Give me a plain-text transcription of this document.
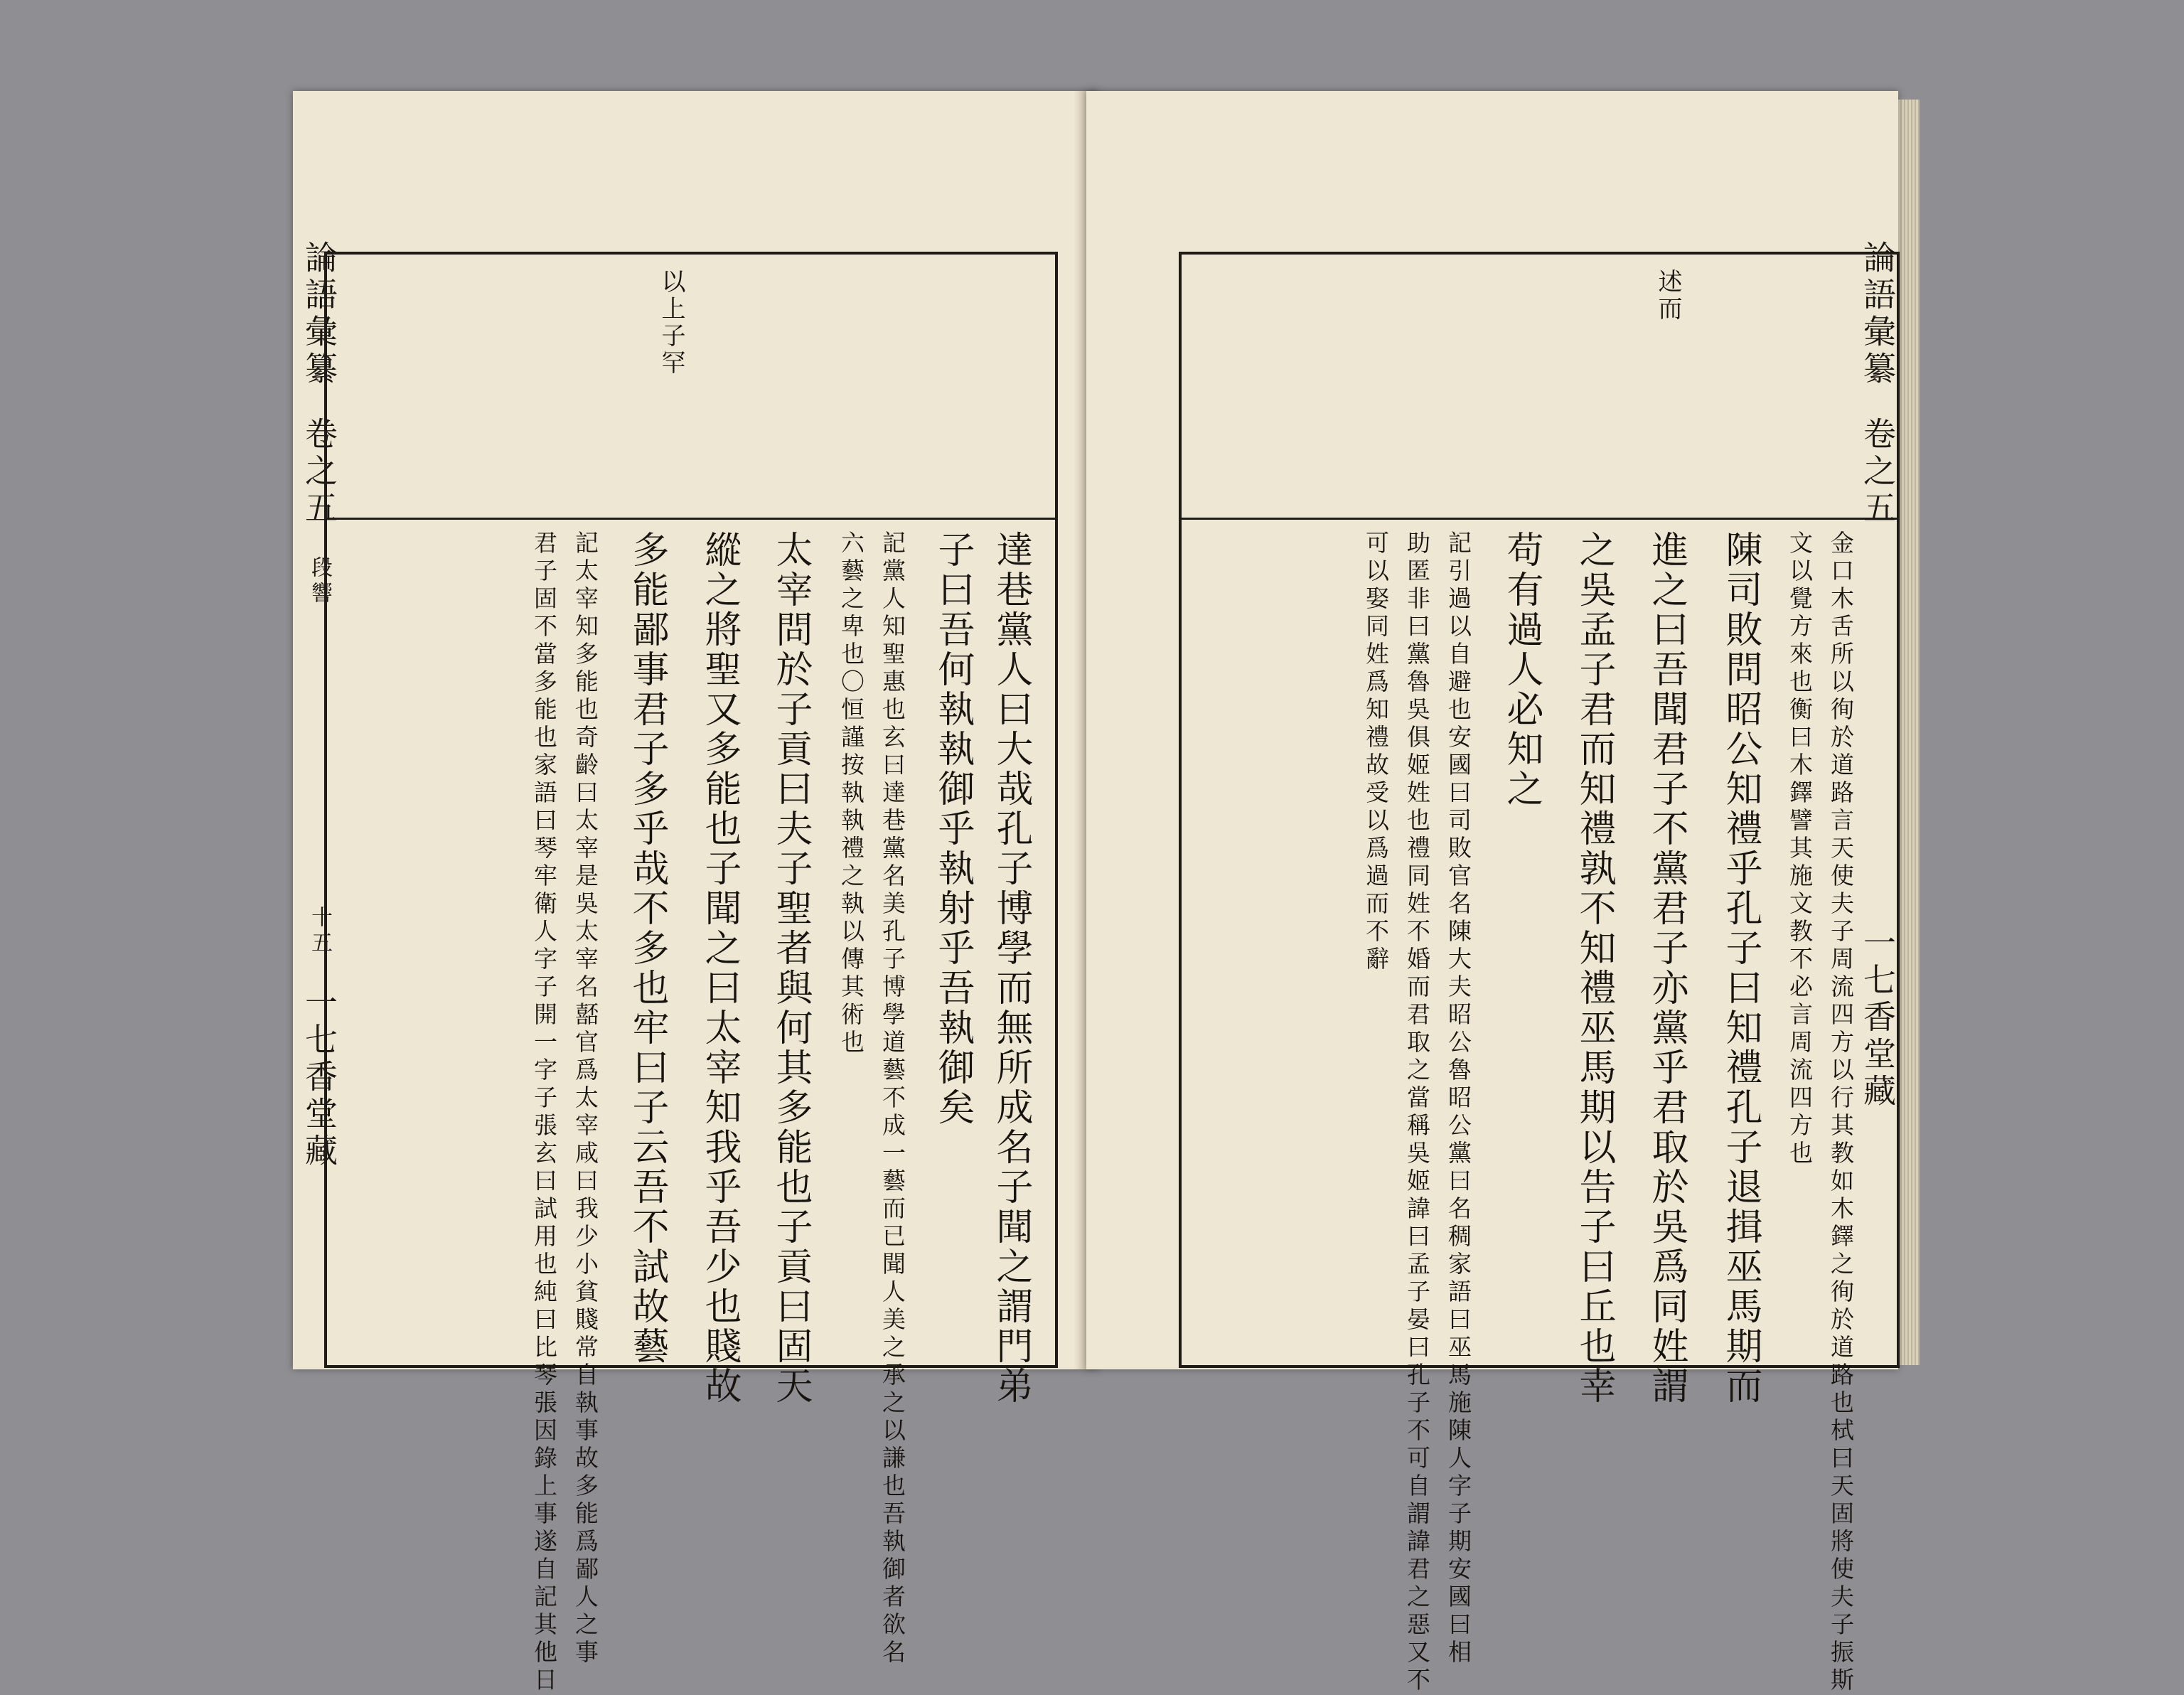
論語彙纂卷之五段響十五一七香堂藏
以上子罕
達巷黨人曰大哉孔子博學而無所成名子聞之謂門弟
子曰吾何執執御乎執射乎吾執御矣
記黨人知聖惠也玄曰達巷黨名美孔子博學道藝不成一藝而已聞人美之承之以謙也吾執御者欲名
六藝之卑也〇恒謹按執執禮之執以傳其術也
太宰問於子貢曰夫子聖者與何其多能也子貢曰固天
縱之將聖又多能也子聞之曰太宰知我乎吾少也賤故
多能鄙事君子多乎哉不多也牢曰子云吾不試故藝
記太宰知多能也奇齡曰太宰是吳太宰名嚭官爲太宰咸曰我少小貧賤常自執事故多能爲鄙人之事
君子固不當多能也家語曰琴牢衛人字子開一字子張玄曰試用也純曰比琴張因錄上事遂自記其他日
述而
金口木舌所以徇於道路言天使夫子周流四方以行其教如木鐸之徇於道路也栻曰天固將使夫子振斯
文以覺方來也衡曰木鐸譬其施文教不必言周流四方也
陳司敗問昭公知禮乎孔子曰知禮孔子退揖巫馬期而
進之曰吾聞君子不黨君子亦黨乎君取於吳爲同姓謂
之吳孟子君而知禮孰不知禮巫馬期以告子曰丘也幸
苟有過人必知之
記引過以自避也安國曰司敗官名陳大夫昭公魯昭公黨曰名稠家語曰巫馬施陳人字子期安國曰相
助匿非曰黨魯吳俱姬姓也禮同姓不婚而君取之當稱吳姬諱曰孟子晏曰孔子不可自謂諱君之惡又不
可以娶同姓爲知禮故受以爲過而不辭
論語彙纂卷之五一七香堂藏
